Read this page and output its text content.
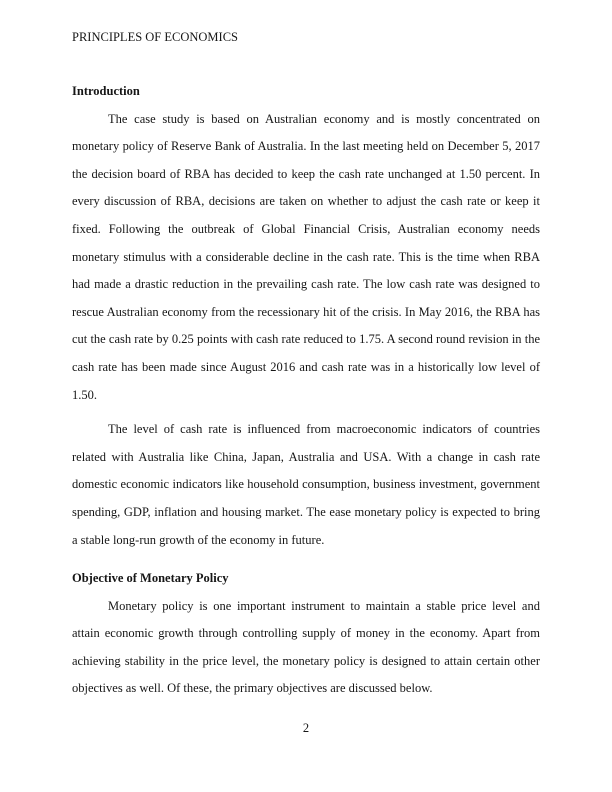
PRINCIPLES OF ECONOMICS
Introduction

The case study is based on Australian economy and is mostly concentrated on monetary policy of Reserve Bank of Australia. In the last meeting held on December 5, 2017 the decision board of RBA has decided to keep the cash rate unchanged at 1.50 percent. In every discussion of RBA, decisions are taken on whether to adjust the cash rate or keep it fixed. Following the outbreak of Global Financial Crisis, Australian economy needs monetary stimulus with a considerable decline in the cash rate. This is the time when RBA had made a drastic reduction in the prevailing cash rate. The low cash rate was designed to rescue Australian economy from the recessionary hit of the crisis. In May 2016, the RBA has cut the cash rate by 0.25 points with cash rate reduced to 1.75. A second round revision in the cash rate has been made since August 2016 and cash rate was in a historically low level of 1.50.

The level of cash rate is influenced from macroeconomic indicators of countries related with Australia like China, Japan, Australia and USA. With a change in cash rate domestic economic indicators like household consumption, business investment, government spending, GDP, inflation and housing market. The ease monetary policy is expected to bring a stable long-run growth of the economy in future.

Objective of Monetary Policy

Monetary policy is one important instrument to maintain a stable price level and attain economic growth through controlling supply of money in the economy. Apart from achieving stability in the price level, the monetary policy is designed to attain certain other objectives as well. Of these, the primary objectives are discussed below.

2
